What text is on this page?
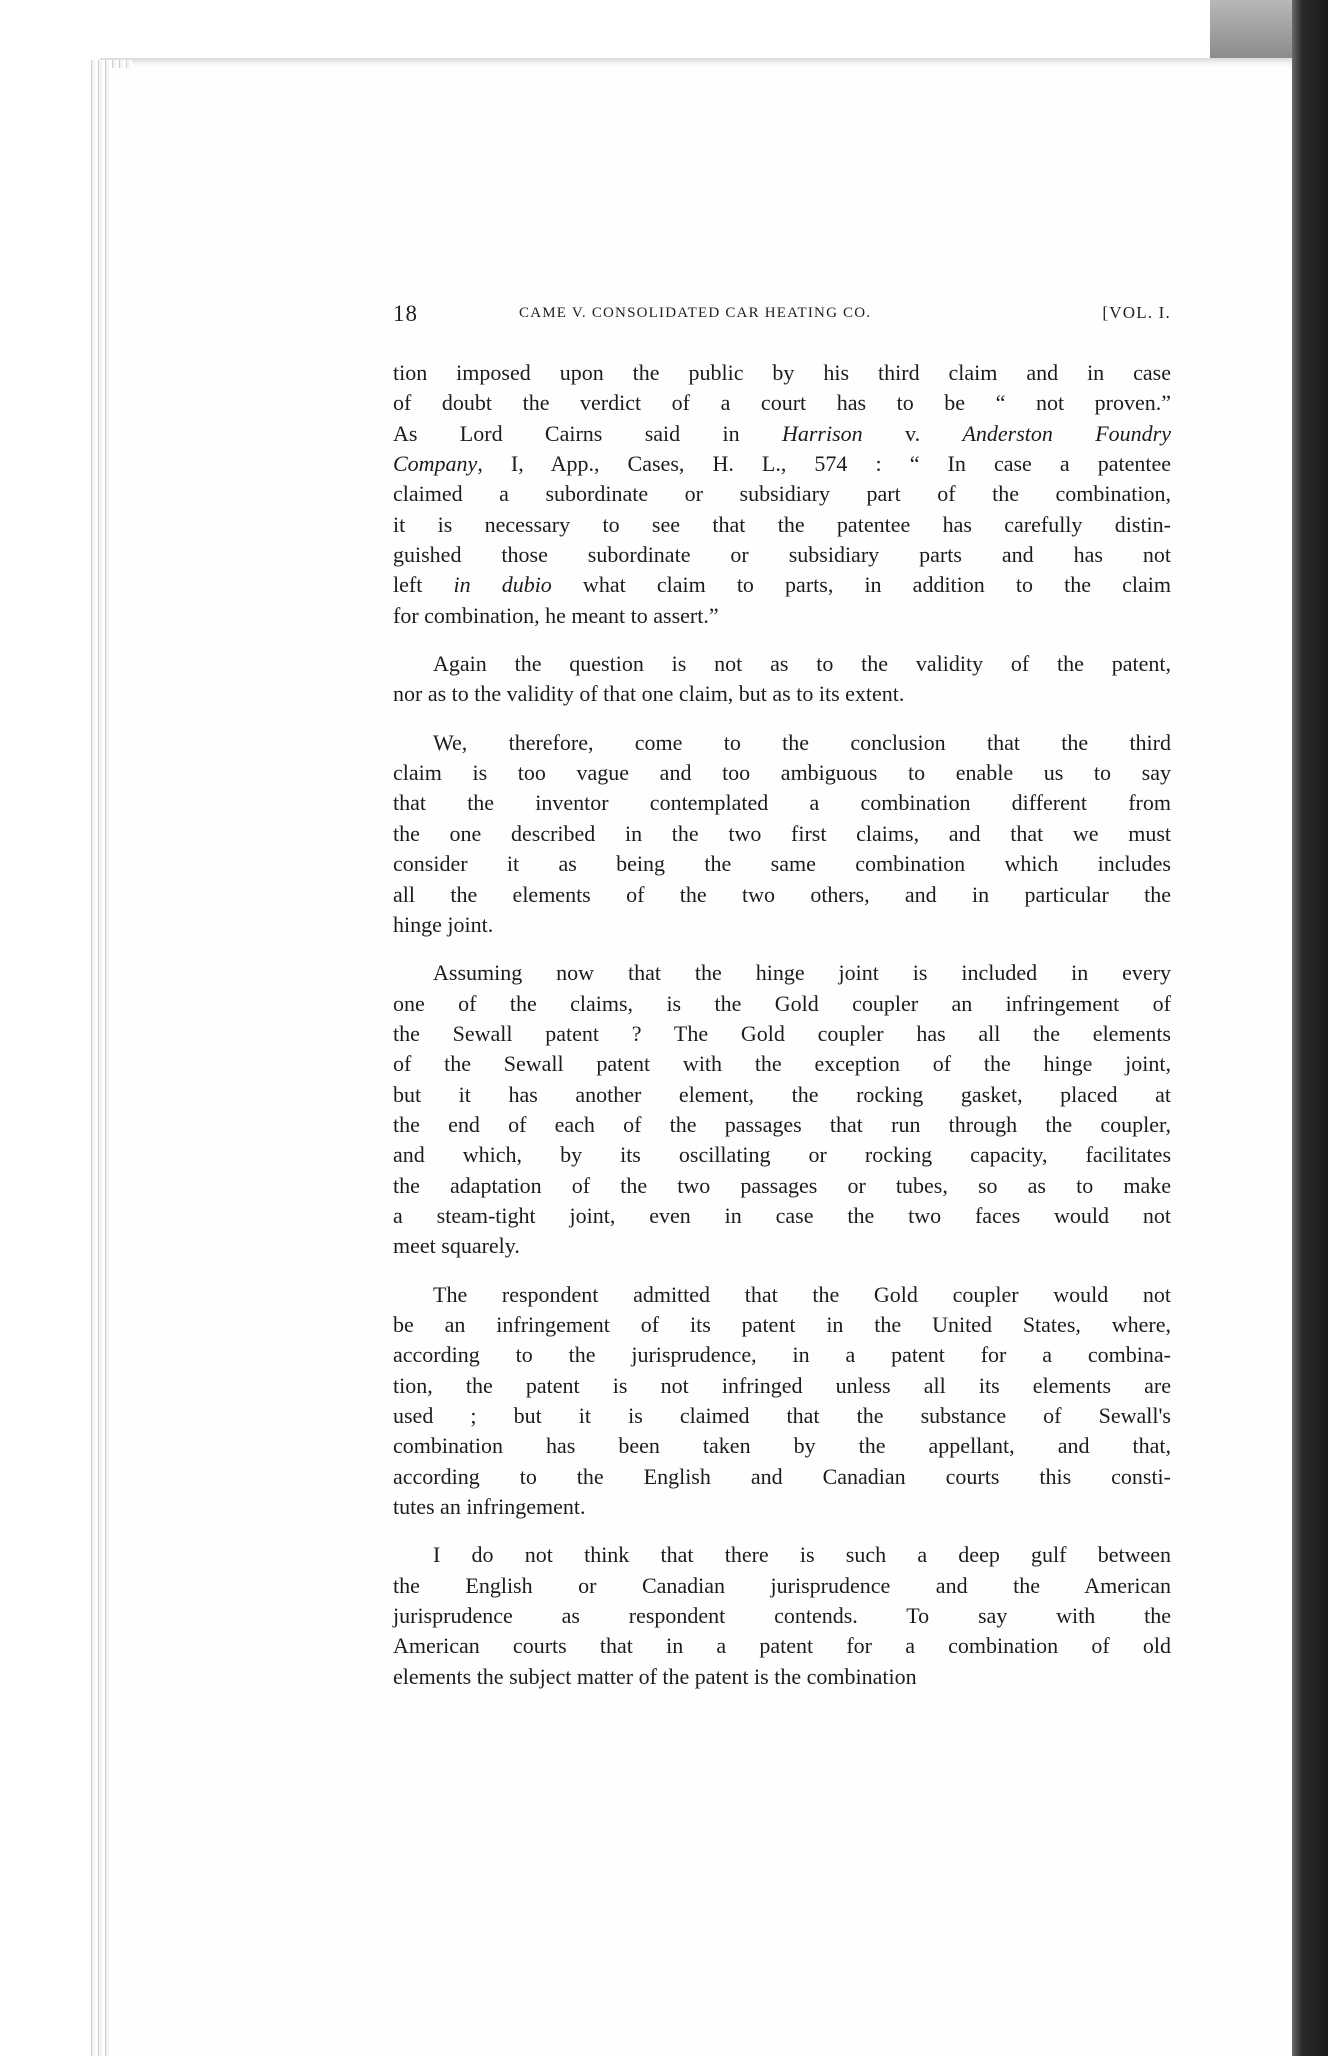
18	CAME V. CONSOLIDATED CAR HEATING CO.	[VOL. I.
tion imposed upon the public by his third claim and in case
of doubt the verdict of a court has to be “ not proven.”
As Lord Cairns said in Harrison v. Anderston Foundry
Company, I, App., Cases, H. L., 574 : “ In case a patentee
claimed a subordinate or subsidiary part of the combination,
it is necessary to see that the patentee has carefully distin-
guished those subordinate or subsidiary parts and has not
left in dubio what claim to parts, in addition to the claim
for combination, he meant to assert.”
Again the question is not as to the validity of the patent,
nor as to the validity of that one claim, but as to its extent.
We, therefore, come to the conclusion that the third
claim is too vague and too ambiguous to enable us to say
that the inventor contemplated a combination different from
the one described in the two first claims, and that we must
consider it as being the same combination which includes
all the elements of the two others, and in particular the
hinge joint.
Assuming now that the hinge joint is included in every
one of the claims, is the Gold coupler an infringement of
the Sewall patent ? The Gold coupler has all the elements
of the Sewall patent with the exception of the hinge joint,
but it has another element, the rocking gasket, placed at
the end of each of the passages that run through the coupler,
and which, by its oscillating or rocking capacity, facilitates
the adaptation of the two passages or tubes, so as to make
a steam-tight joint, even in case the two faces would not
meet squarely.
The respondent admitted that the Gold coupler would not
be an infringement of its patent in the United States, where,
according to the jurisprudence, in a patent for a combina-
tion, the patent is not infringed unless all its elements are
used ; but it is claimed that the substance of Sewall's
combination has been taken by the appellant, and that,
according to the English and Canadian courts this consti-
tutes an infringement.
I do not think that there is such a deep gulf between
the English or Canadian jurisprudence and the American
jurisprudence as respondent contends. To say with the
American courts that in a patent for a combination of old
elements the subject matter of the patent is the combination
